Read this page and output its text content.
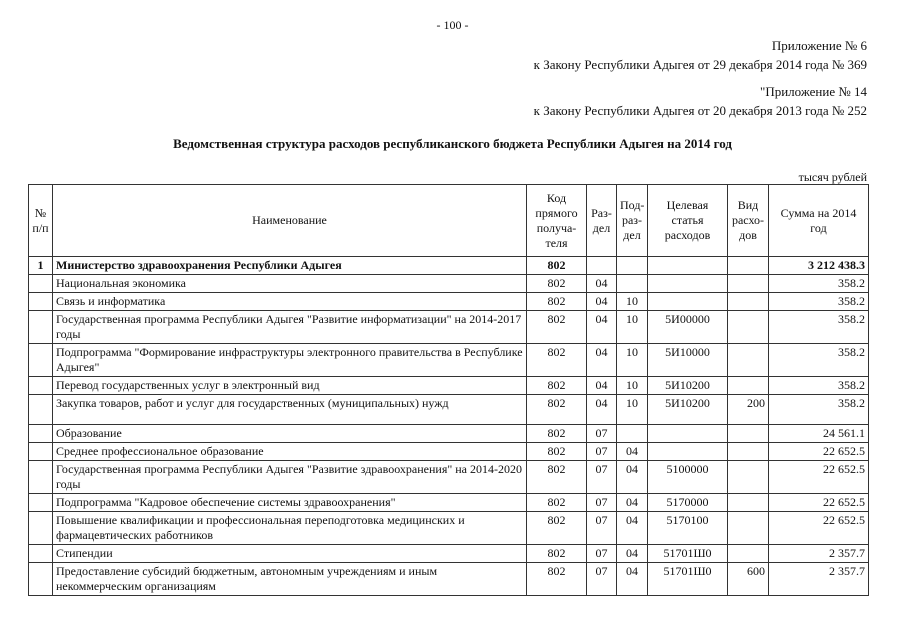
- 100 -
Приложение № 6
к Закону Республики Адыгея от 29 декабря 2014 года № 369
"Приложение № 14
к Закону Республики Адыгея от 20 декабря 2013 года № 252
Ведомственная структура расходов республиканского бюджета Республики Адыгея на 2014 год
тысяч рублей
№ п/п	Наименование	Код прямого получа-теля	Раз-дел	Под-раз-дел	Целевая статья расходов	Вид расхо-дов	Сумма на 2014 год
1	Министерство здравоохранения Республики Адыгея	802					3 212 438.3
	Национальная экономика	802	04				358.2
	Связь и информатика	802	04	10			358.2
	Государственная программа Республики Адыгея "Развитие информатизации" на 2014-2017 годы	802	04	10	5И00000		358.2
	Подпрограмма "Формирование инфраструктуры электронного правительства в Республике Адыгея"	802	04	10	5И10000		358.2
	Перевод государственных услуг в электронный вид	802	04	10	5И10200		358.2
	Закупка товаров, работ и услуг для государственных (муниципальных) нужд	802	04	10	5И10200	200	358.2
	Образование	802	07				24 561.1
	Среднее профессиональное образование	802	07	04			22 652.5
	Государственная программа Республики Адыгея "Развитие здравоохранения" на 2014-2020 годы	802	07	04	5100000		22 652.5
	Подпрограмма "Кадровое обеспечение системы здравоохранения"	802	07	04	5170000		22 652.5
	Повышение квалификации и профессиональная переподготовка медицинских и фармацевтических работников	802	07	04	5170100		22 652.5
	Стипендии	802	07	04	51701Ш0		2 357.7
	Предоставление субсидий бюджетным, автономным учреждениям и иным некоммерческим организациям	802	07	04	51701Ш0	600	2 357.7
